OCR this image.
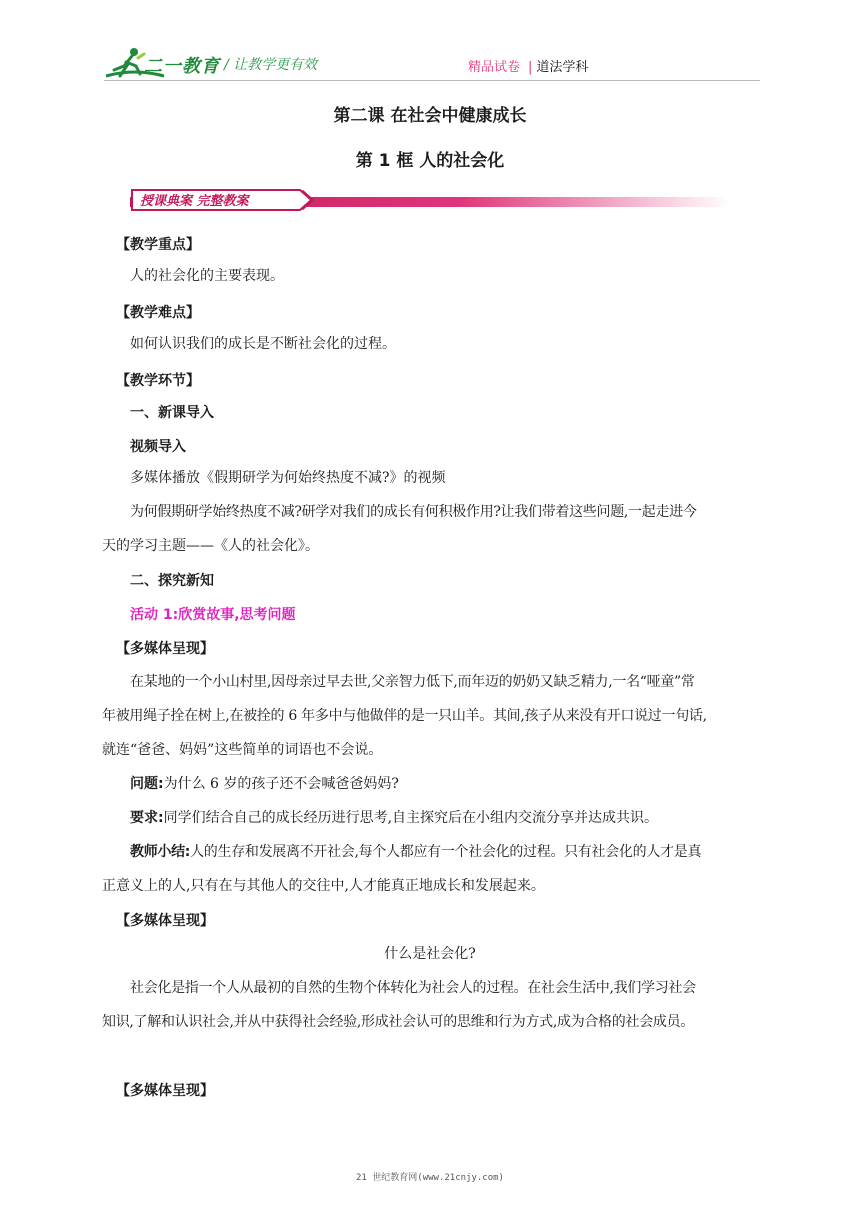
二一教育 / 让教学更有效	精品试卷 | 道法学科
第二课 在社会中健康成长
第 1 框 人的社会化
授课典案 完整教案
【教学重点】
人的社会化的主要表现。
【教学难点】
如何认识我们的成长是不断社会化的过程。
【教学环节】
一、新课导入
视频导入
多媒体播放《假期研学为何始终热度不减?》的视频
为何假期研学始终热度不减?研学对我们的成长有何积极作用?让我们带着这些问题,一起走进今
天的学习主题——《人的社会化》。
二、探究新知
活动 1:欣赏故事,思考问题
【多媒体呈现】
在某地的一个小山村里,因母亲过早去世,父亲智力低下,而年迈的奶奶又缺乏精力,一名“哑童”常
年被用绳子拴在树上,在被拴的 6 年多中与他做伴的是一只山羊。其间,孩子从来没有开口说过一句话,
就连“爸爸、妈妈”这些简单的词语也不会说。
问题:为什么 6 岁的孩子还不会喊爸爸妈妈?
要求:同学们结合自己的成长经历进行思考,自主探究后在小组内交流分享并达成共识。
教师小结:人的生存和发展离不开社会,每个人都应有一个社会化的过程。只有社会化的人才是真
正意义上的人,只有在与其他人的交往中,人才能真正地成长和发展起来。
【多媒体呈现】
什么是社会化?
社会化是指一个人从最初的自然的生物个体转化为社会人的过程。在社会生活中,我们学习社会
知识,了解和认识社会,并从中获得社会经验,形成社会认可的思维和行为方式,成为合格的社会成员。
【多媒体呈现】
21 世纪教育网(www.21cnjy.com)
